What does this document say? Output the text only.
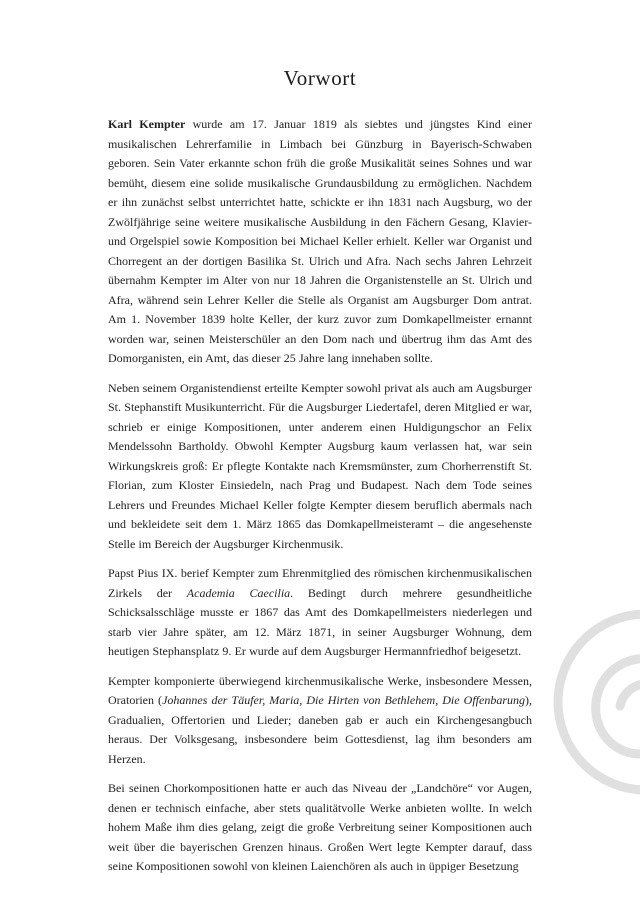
Vorwort

Karl Kempter wurde am 17. Januar 1819 als siebtes und jüngstes Kind einer musikalischen Lehrerfamilie in Limbach bei Günzburg in Bayerisch-Schwaben geboren. Sein Vater erkannte schon früh die große Musikalität seines Sohnes und war bemüht, diesem eine solide musikalische Grundausbildung zu ermöglichen. Nachdem er ihn zunächst selbst unterrichtet hatte, schickte er ihn 1831 nach Augsburg, wo der Zwölfjährige seine weitere musikalische Ausbildung in den Fächern Gesang, Klavier- und Orgelspiel sowie Komposition bei Michael Keller erhielt. Keller war Organist und Chorregent an der dortigen Basilika St. Ulrich und Afra. Nach sechs Jahren Lehrzeit übernahm Kempter im Alter von nur 18 Jahren die Organistenstelle an St. Ulrich und Afra, während sein Lehrer Keller die Stelle als Organist am Augsburger Dom antrat. Am 1. November 1839 holte Keller, der kurz zuvor zum Domkapellmeister ernannt worden war, seinen Meisterschüler an den Dom nach und übertrug ihm das Amt des Domorganisten, ein Amt, das dieser 25 Jahre lang innehaben sollte.

Neben seinem Organistendienst erteilte Kempter sowohl privat als auch am Augsburger St. Stephanstift Musikunterricht. Für die Augsburger Liedertafel, deren Mitglied er war, schrieb er einige Kompositionen, unter anderem einen Huldigungschor an Felix Mendelssohn Bartholdy. Obwohl Kempter Augsburg kaum verlassen hat, war sein Wirkungskreis groß: Er pflegte Kontakte nach Kremsmünster, zum Chorherrenstift St. Florian, zum Kloster Einsiedeln, nach Prag und Budapest. Nach dem Tode seines Lehrers und Freundes Michael Keller folgte Kempter diesem beruflich abermals nach und bekleidete seit dem 1. März 1865 das Domkapellmeisteramt – die angesehenste Stelle im Bereich der Augsburger Kirchenmusik.

Papst Pius IX. berief Kempter zum Ehrenmitglied des römischen kirchenmusikalischen Zirkels der Academia Caecilia. Bedingt durch mehrere gesundheitliche Schicksalsschläge musste er 1867 das Amt des Domkapellmeisters niederlegen und starb vier Jahre später, am 12. März 1871, in seiner Augsburger Wohnung, dem heutigen Stephansplatz 9. Er wurde auf dem Augsburger Hermannfriedhof beigesetzt.

Kempter komponierte überwiegend kirchenmusikalische Werke, insbesondere Messen, Oratorien (Johannes der Täufer, Maria, Die Hirten von Bethlehem, Die Offenbarung), Gradualien, Offertorien und Lieder; daneben gab er auch ein Kirchengesangbuch heraus. Der Volksgesang, insbesondere beim Gottesdienst, lag ihm besonders am Herzen.

Bei seinen Chorkompositionen hatte er auch das Niveau der „Landchöre“ vor Augen, denen er technisch einfache, aber stets qualitätvolle Werke anbieten wollte. In welch hohem Maße ihm dies gelang, zeigt die große Verbreitung seiner Kompositionen auch weit über die bayerischen Grenzen hinaus. Großen Wert legte Kempter darauf, dass seine Kompositionen sowohl von kleinen Laienchören als auch in üppiger Besetzung
